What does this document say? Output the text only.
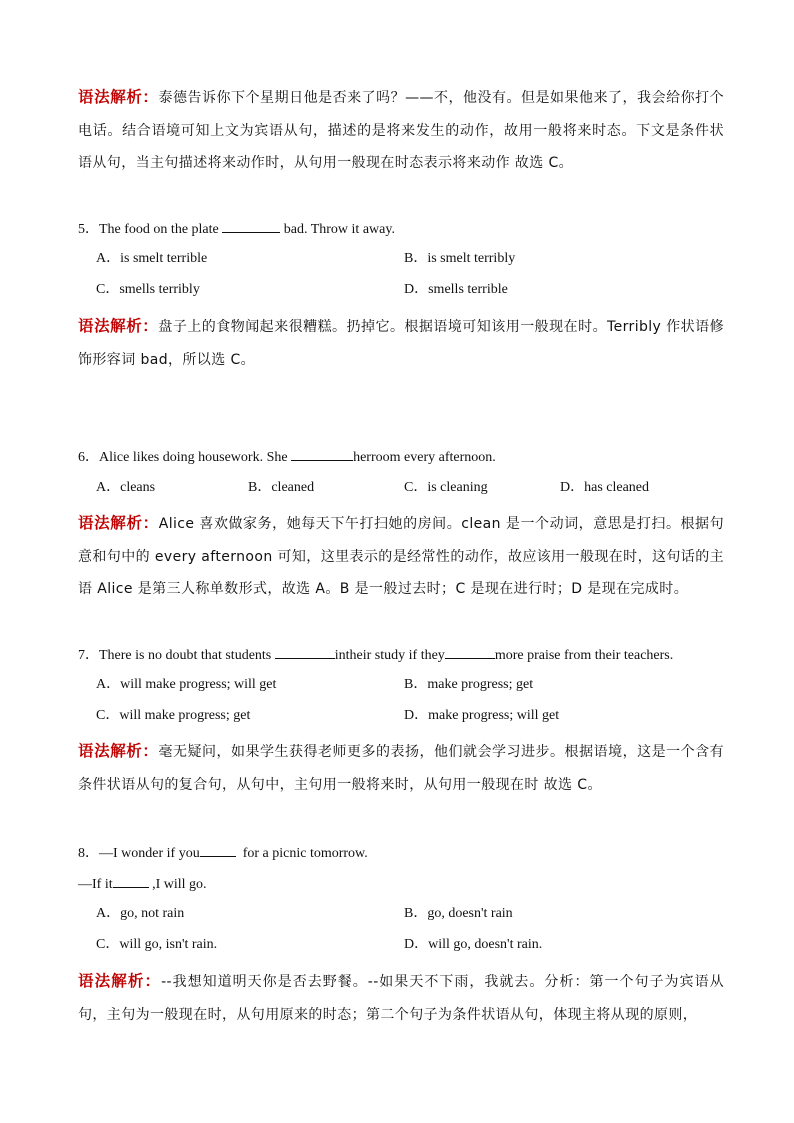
语法解析：泰德告诉你下个星期日他是否来了吗？——不，他没有。但是如果他来了，我会给你打个电话。结合语境可知上文为宾语从句，描述的是将来发生的动作，故用一般将来时态。下文是条件状语从句，当主句描述将来动作时，从句用一般现在时态表示将来动作 故选 C。
5．The food on the plate	bad. Throw it away.
A．is smelt terrible	B．is smelt terribly
C．smells terribly	D．smells terrible
语法解析：盘子上的食物闻起来很糟糕。扔掉它。根据语境可知该用一般现在时。Terribly 作状语修饰形容词 bad，所以选 C。
6．Alice likes doing housework. She	herroom every afternoon.
A．cleans	B．cleaned	C．is cleaning	D．has cleaned
语法解析：Alice 喜欢做家务，她每天下午打扫她的房间。clean 是一个动词，意思是打扫。根据句意和句中的 every afternoon 可知，这里表示的是经常性的动作，故应该用一般现在时，这句话的主语 Alice 是第三人称单数形式，故选 A。B 是一般过去时；C 是现在进行时；D 是现在完成时。
7．There is no doubt that students	intheir study if they	more praise from their teachers.
A．will make progress; will get	B．make progress; get
C．will make progress; get	D．make progress; will get
语法解析：毫无疑问，如果学生获得老师更多的表扬，他们就会学习进步。根据语境，这是一个含有条件状语从句的复合句，从句中，主句用一般将来时，从句用一般现在时 故选 C。
8．—I wonder if you	for a picnic tomorrow.
—If it	,I will go.
A．go, not rain	B．go, doesn't rain
C．will go, isn't rain.	D．will go, doesn't rain.
语法解析：--我想知道明天你是否去野餐。--如果天不下雨，我就去。分析：第一个句子为宾语从句，主句为一般现在时，从句用原来的时态；第二个句子为条件状语从句，体现主将从现的原则，
